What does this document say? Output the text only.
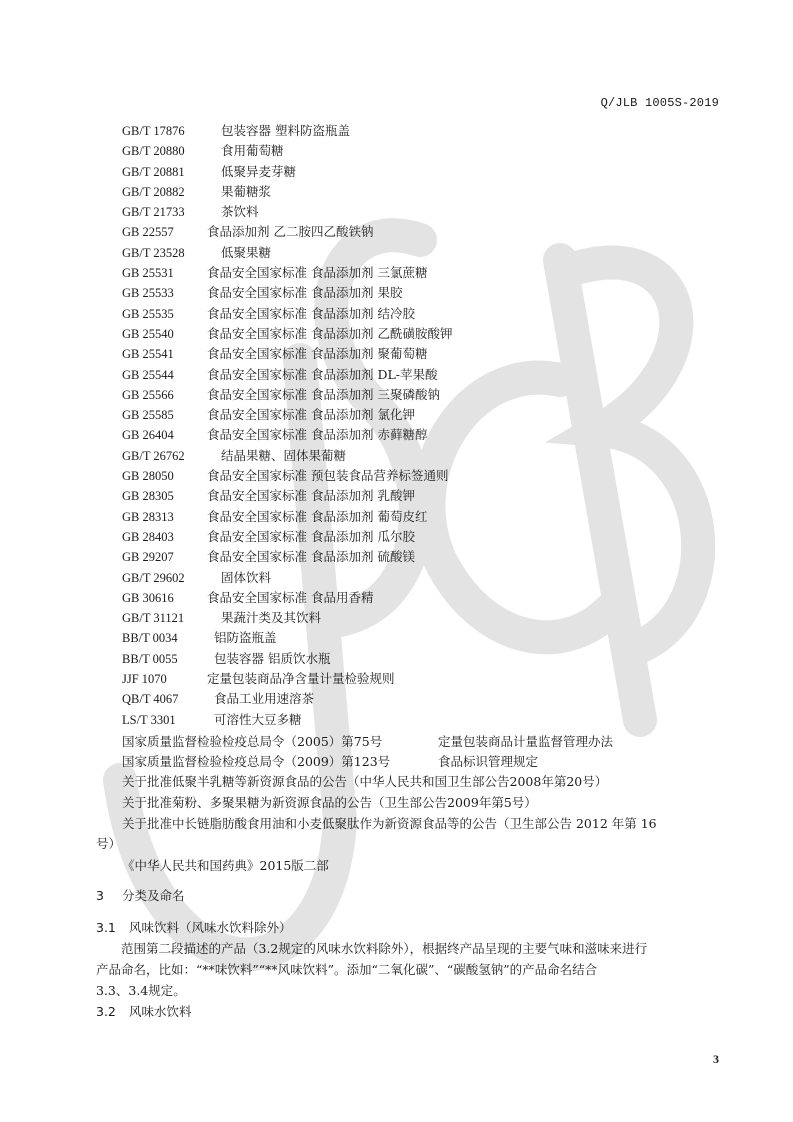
Q/JLB 1005S-2019
GB/T 17876	包装容器 塑料防盗瓶盖
GB/T 20880	食用葡萄糖
GB/T 20881	低聚异麦芽糖
GB/T 20882	果葡糖浆
GB/T 21733	茶饮料
GB 22557	食品添加剂 乙二胺四乙酸铁钠
GB/T 23528	低聚果糖
GB 25531	食品安全国家标准 食品添加剂 三氯蔗糖
GB 25533	食品安全国家标准 食品添加剂 果胶
GB 25535	食品安全国家标准 食品添加剂 结冷胶
GB 25540	食品安全国家标准 食品添加剂 乙酰磺胺酸钾
GB 25541	食品安全国家标准 食品添加剂 聚葡萄糖
GB 25544	食品安全国家标准 食品添加剂 DL-苹果酸
GB 25566	食品安全国家标准 食品添加剂 三聚磷酸钠
GB 25585	食品安全国家标准 食品添加剂 氯化钾
GB 26404	食品安全国家标准 食品添加剂 赤藓糖醇
GB/T 26762	结晶果糖、固体果葡糖
GB 28050	食品安全国家标准 预包装食品营养标签通则
GB 28305	食品安全国家标准 食品添加剂 乳酸钾
GB 28313	食品安全国家标准 食品添加剂 葡萄皮红
GB 28403	食品安全国家标准 食品添加剂 瓜尔胶
GB 29207	食品安全国家标准 食品添加剂 硫酸镁
GB/T 29602	固体饮料
GB 30616	食品安全国家标准 食品用香精
GB/T 31121	果蔬汁类及其饮料
BB/T 0034	铝防盗瓶盖
BB/T 0055	包装容器 铝质饮水瓶
JJF 1070	定量包装商品净含量计量检验规则
QB/T 4067	食品工业用速溶茶
LS/T 3301	可溶性大豆多糖
国家质量监督检验检疫总局令（2005）第75号	定量包装商品计量监督管理办法
国家质量监督检验检疫总局令（2009）第123号	食品标识管理规定
关于批准低聚半乳糖等新资源食品的公告（中华人民共和国卫生部公告2008年第20号）
关于批准菊粉、多聚果糖为新资源食品的公告（卫生部公告2009年第5号）
关于批准中长链脂肪酸食用油和小麦低聚肽作为新资源食品等的公告（卫生部公告 2012 年第 16
号）
《中华人民共和国药典》2015版二部
3 分类及命名
3.1 风味饮料（风味水饮料除外）
范围第二段描述的产品（3.2规定的风味水饮料除外），根据终产品呈现的主要气味和滋味来进行
产品命名，比如：“**味饮料”“**风味饮料”。添加“二氧化碳”、“碳酸氢钠”的产品命名结合
3.3、3.4规定。
3.2 风味水饮料
3
